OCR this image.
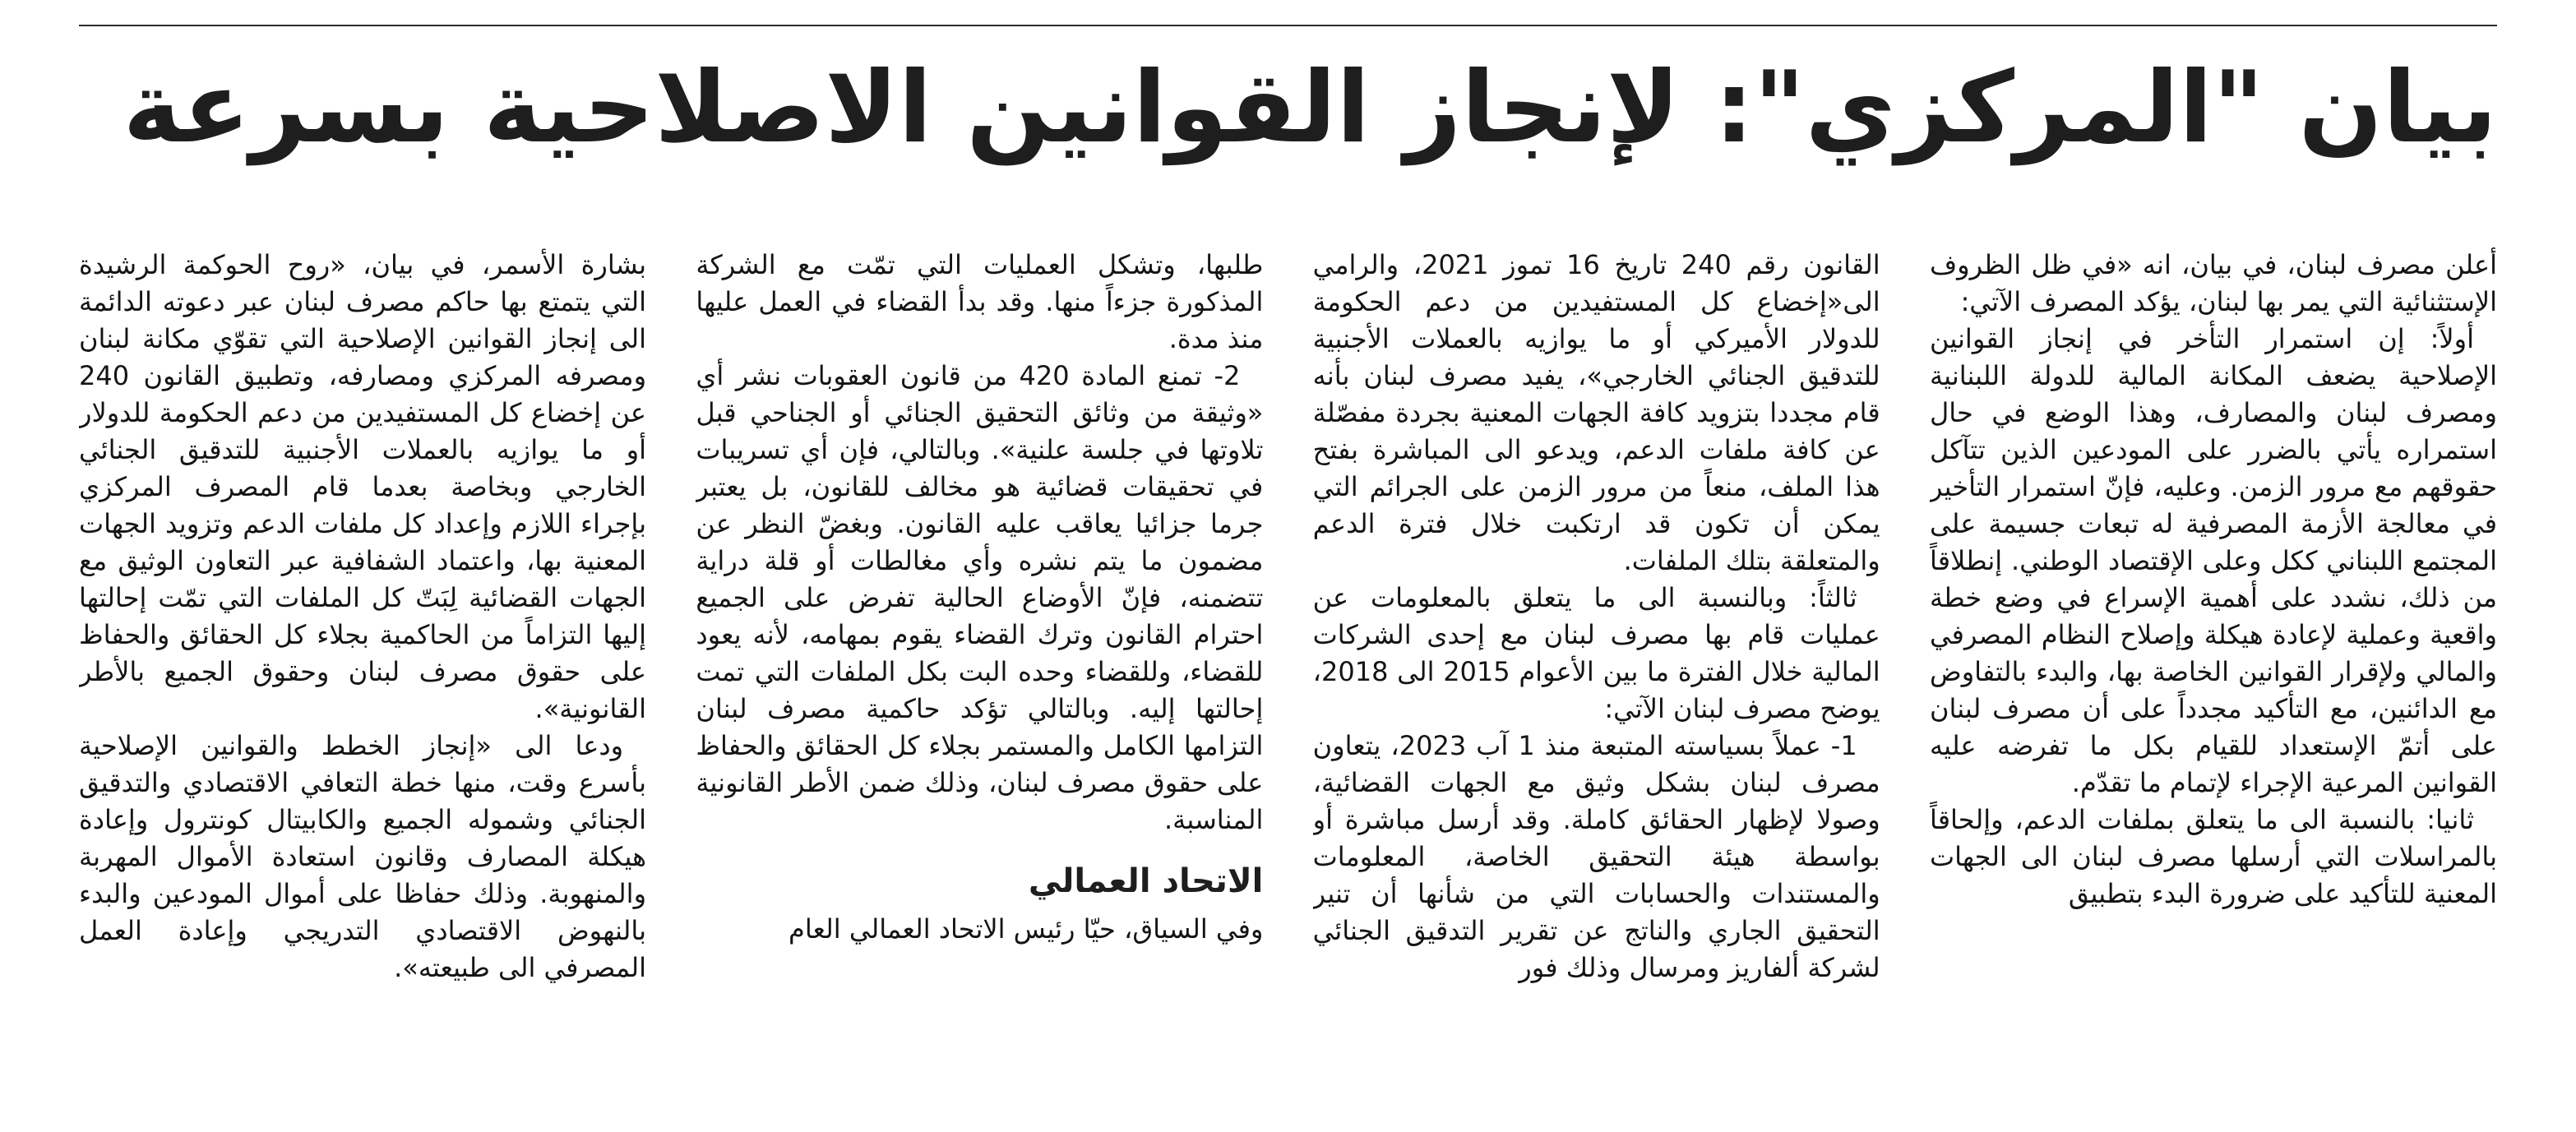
بيان "المركزي": لإنجاز القوانين الاصلاحية بسرعة

أعلن مصرف لبنان، في بيان، انه «في ظل الظروف الإستثنائية التي يمر بها لبنان، يؤكد المصرف الآتي:

أولاً: إن استمرار التأخر في إنجاز القوانين الإصلاحية يضعف المكانة المالية للدولة اللبنانية ومصرف لبنان والمصارف، وهذا الوضع في حال استمراره يأتي بالضرر على المودعين الذين تتآكل حقوقهم مع مرور الزمن. وعليه، فإنّ استمرار التأخير في معالجة الأزمة المصرفية له تبعات جسيمة على المجتمع اللبناني ككل وعلى الإقتصاد الوطني. إنطلاقاً من ذلك، نشدد على أهمية الإسراع في وضع خطة واقعية وعملية لإعادة هيكلة وإصلاح النظام المصرفي والمالي ولإقرار القوانين الخاصة بها، والبدء بالتفاوض مع الدائنين، مع التأكيد مجدداً على أن مصرف لبنان على أتمّ الإستعداد للقيام بكل ما تفرضه عليه القوانين المرعية الإجراء لإتمام ما تقدّم.

ثانيا: بالنسبة الى ما يتعلق بملفات الدعم، وإلحاقاً بالمراسلات التي أرسلها مصرف لبنان الى الجهات المعنية للتأكيد على ضرورة البدء بتطبيق

القانون رقم 240 تاريخ 16 تموز 2021، والرامي الى«إخضاع كل المستفيدين من دعم الحكومة للدولار الأميركي أو ما يوازيه بالعملات الأجنبية للتدقيق الجنائي الخارجي»، يفيد مصرف لبنان بأنه قام مجددا بتزويد كافة الجهات المعنية بجردة مفصّلة عن كافة ملفات الدعم، ويدعو الى المباشرة بفتح هذا الملف، منعاً من مرور الزمن على الجرائم التي يمكن أن تكون قد ارتكبت خلال فترة الدعم والمتعلقة بتلك الملفات.

ثالثاً: وبالنسبة الى ما يتعلق بالمعلومات عن عمليات قام بها مصرف لبنان مع إحدى الشركات المالية خلال الفترة ما بين الأعوام 2015 الى 2018، يوضح مصرف لبنان الآتي:

1- عملاً بسياسته المتبعة منذ 1 آب 2023، يتعاون مصرف لبنان بشكل وثيق مع الجهات القضائية، وصولا لإظهار الحقائق كاملة. وقد أرسل مباشرة أو بواسطة هيئة التحقيق الخاصة، المعلومات والمستندات والحسابات التي من شأنها أن تنير التحقيق الجاري والناتج عن تقرير التدقيق الجنائي لشركة ألفاريز ومرسال وذلك فور

طلبها، وتشكل العمليات التي تمّت مع الشركة المذكورة جزءاً منها. وقد بدأ القضاء في العمل عليها منذ مدة.

2- تمنع المادة 420 من قانون العقوبات نشر أي «وثيقة من وثائق التحقيق الجنائي أو الجناحي قبل تلاوتها في جلسة علنية». وبالتالي، فإن أي تسريبات في تحقيقات قضائية هو مخالف للقانون، بل يعتبر جرما جزائيا يعاقب عليه القانون. وبغضّ النظر عن مضمون ما يتم نشره وأي مغالطات أو قلة دراية تتضمنه، فإنّ الأوضاع الحالية تفرض على الجميع احترام القانون وترك القضاء يقوم بمهامه، لأنه يعود للقضاء، وللقضاء وحده البت بكل الملفات التي تمت إحالتها إليه. وبالتالي تؤكد حاكمية مصرف لبنان التزامها الكامل والمستمر بجلاء كل الحقائق والحفاظ على حقوق مصرف لبنان، وذلك ضمن الأطر القانونية المناسبة.

الاتحاد العمالي

وفي السياق، حيّا رئيس الاتحاد العمالي العام

بشارة الأسمر، في بيان، «روح الحوكمة الرشيدة التي يتمتع بها حاكم مصرف لبنان عبر دعوته الدائمة الى إنجاز القوانين الإصلاحية التي تقوّي مكانة لبنان ومصرفه المركزي ومصارفه، وتطبيق القانون 240 عن إخضاع كل المستفيدين من دعم الحكومة للدولار أو ما يوازيه بالعملات الأجنبية للتدقيق الجنائي الخارجي وبخاصة بعدما قام المصرف المركزي بإجراء اللازم وإعداد كل ملفات الدعم وتزويد الجهات المعنية بها، واعتماد الشفافية عبر التعاون الوثيق مع الجهات القضائية لِبَتّ كل الملفات التي تمّت إحالتها إليها التزاماً من الحاكمية بجلاء كل الحقائق والحفاظ على حقوق مصرف لبنان وحقوق الجميع بالأطر القانونية».

ودعا الى «إنجاز الخطط والقوانين الإصلاحية بأسرع وقت، منها خطة التعافي الاقتصادي والتدقيق الجنائي وشموله الجميع والكابيتال كونترول وإعادة هيكلة المصارف وقانون استعادة الأموال المهربة والمنهوبة. وذلك حفاظا على أموال المودعين والبدء بالنهوض الاقتصادي التدريجي وإعادة العمل المصرفي الى طبيعته».
